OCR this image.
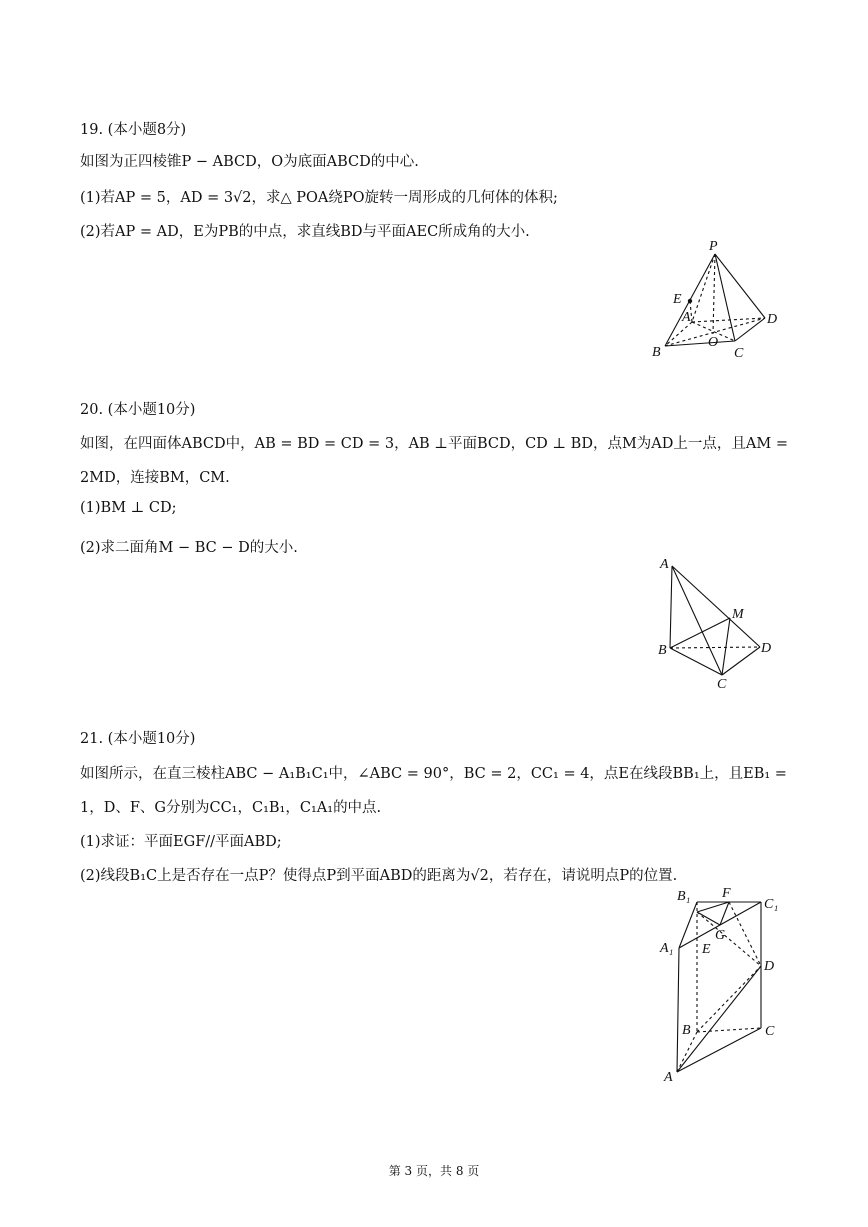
19. (本小题8分)
如图为正四棱锥P − ABCD，O为底面ABCD的中心.
(1)若AP = 5，AD = 3√2，求△ POA绕PO旋转一周形成的几何体的体积;
(2)若AP = AD，E为PB的中点，求直线BD与平面AEC所成角的大小.
P
E
A	D
B
O
C
20. (本小题10分)
如图，在四面体ABCD中，AB = BD = CD = 3，AB ⊥平面BCD，CD ⊥ BD，点M为AD上一点，且AM =
2MD，连接BM，CM.
(1)BM ⊥ CD;
(2)求二面角M − BC − D的大小.
A
M
B	D
C
21. (本小题10分)
如图所示，在直三棱柱ABC − A₁B₁C₁中，∠ABC = 90°，BC = 2，CC₁ = 4，点E在线段BB₁上，且EB₁ =
1，D、F、G分别为CC₁，C₁B₁，C₁A₁的中点.
(1)求证：平面EGF//平面ABD;
(2)线段B₁C上是否存在一点P？使得点P到平面ABD的距离为√2，若存在，请说明点P的位置.
B₁ F
C₁
G
A₁ E
D
B	C
A
第 3 页，共 8 页
